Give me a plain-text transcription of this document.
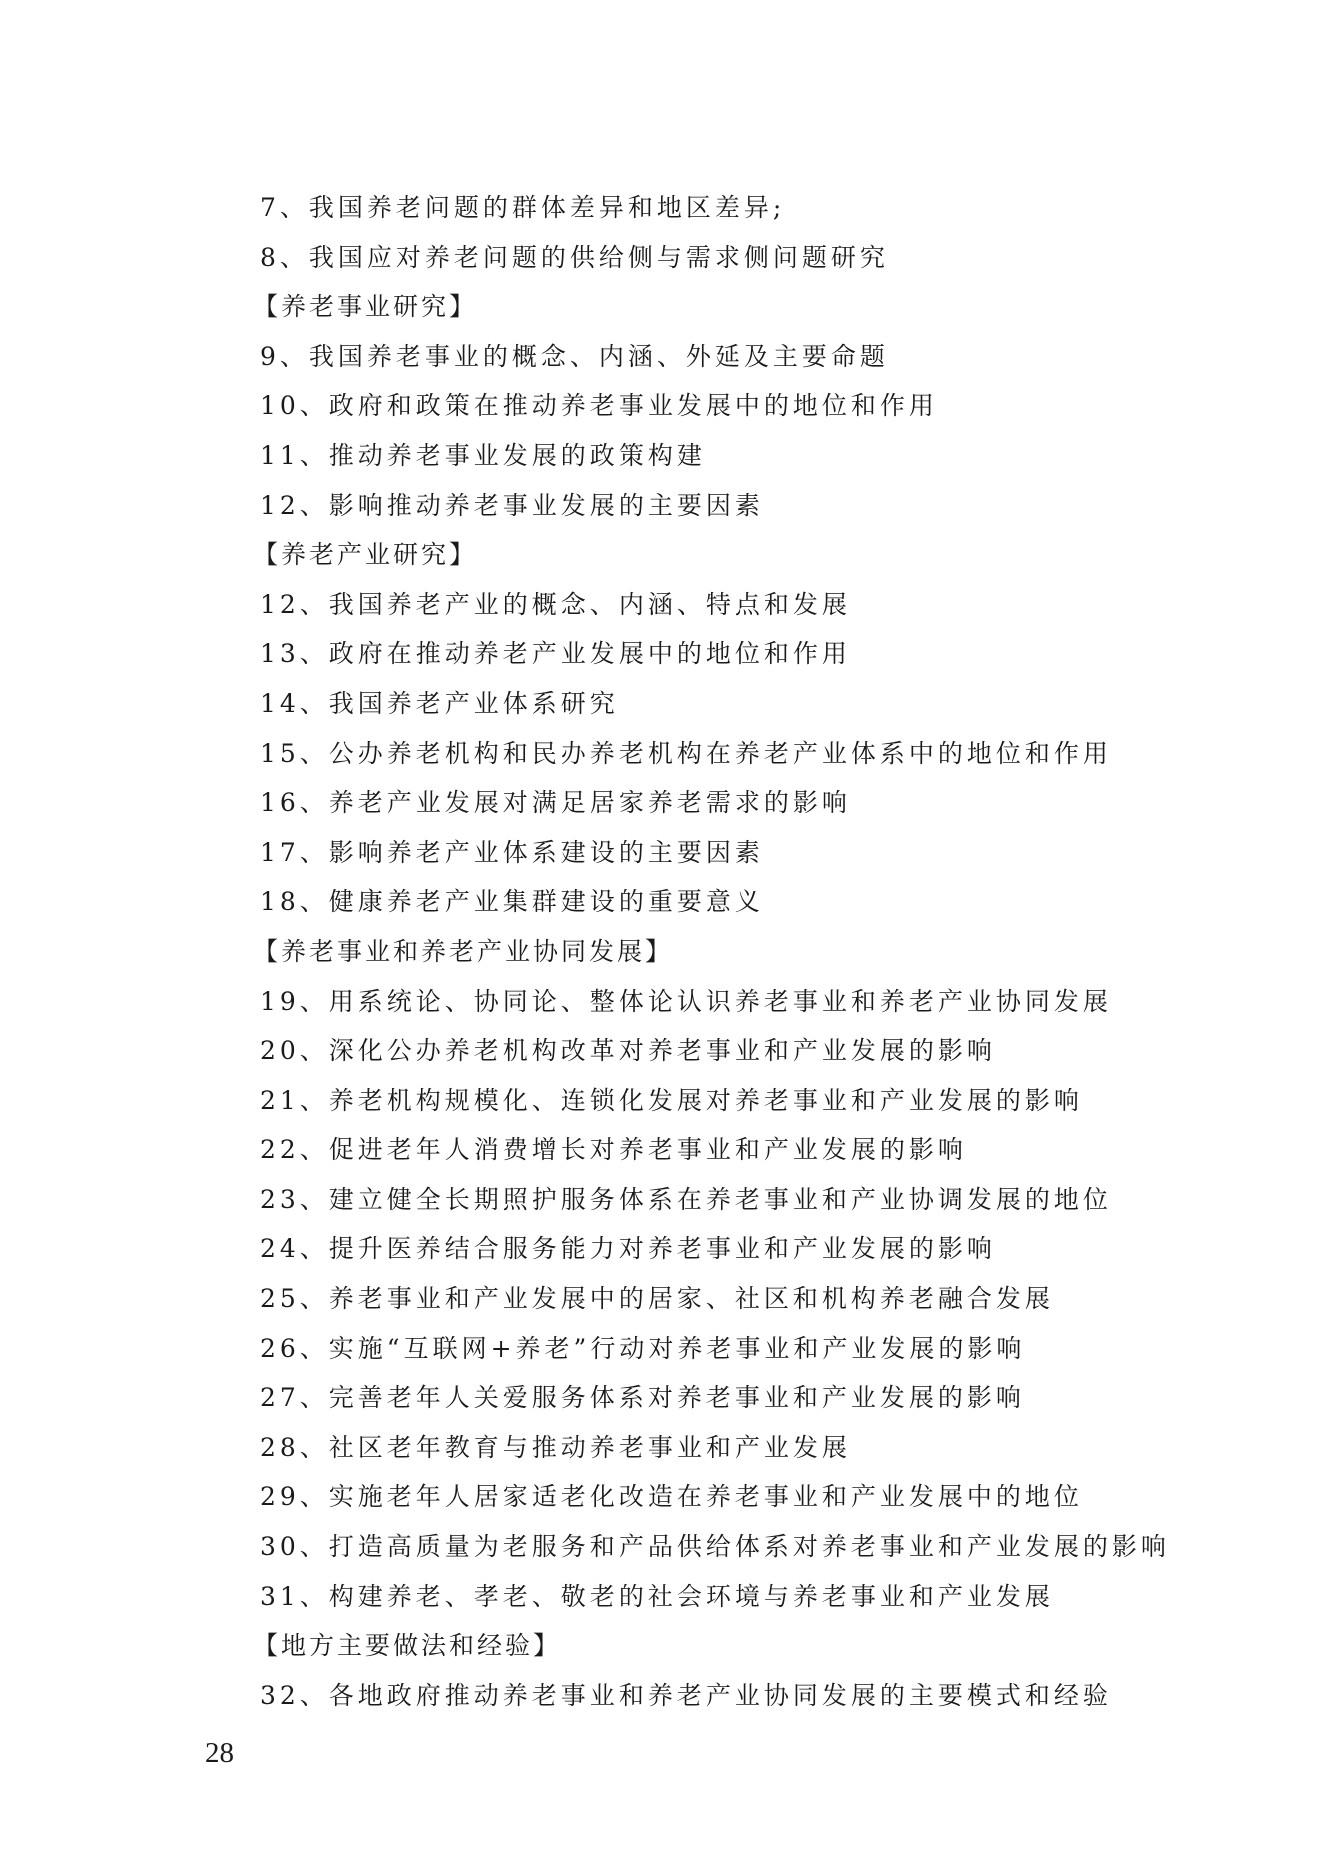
7、我国养老问题的群体差异和地区差异;
8、我国应对养老问题的供给侧与需求侧问题研究
【养老事业研究】
9、我国养老事业的概念、内涵、外延及主要命题
10、政府和政策在推动养老事业发展中的地位和作用
11、推动养老事业发展的政策构建
12、影响推动养老事业发展的主要因素
【养老产业研究】
12、我国养老产业的概念、内涵、特点和发展
13、政府在推动养老产业发展中的地位和作用
14、我国养老产业体系研究
15、公办养老机构和民办养老机构在养老产业体系中的地位和作用
16、养老产业发展对满足居家养老需求的影响
17、影响养老产业体系建设的主要因素
18、健康养老产业集群建设的重要意义
【养老事业和养老产业协同发展】
19、用系统论、协同论、整体论认识养老事业和养老产业协同发展
20、深化公办养老机构改革对养老事业和产业发展的影响
21、养老机构规模化、连锁化发展对养老事业和产业发展的影响
22、促进老年人消费增长对养老事业和产业发展的影响
23、建立健全长期照护服务体系在养老事业和产业协调发展的地位
24、提升医养结合服务能力对养老事业和产业发展的影响
25、养老事业和产业发展中的居家、社区和机构养老融合发展
26、实施“互联网+养老”行动对养老事业和产业发展的影响
27、完善老年人关爱服务体系对养老事业和产业发展的影响
28、社区老年教育与推动养老事业和产业发展
29、实施老年人居家适老化改造在养老事业和产业发展中的地位
30、打造高质量为老服务和产品供给体系对养老事业和产业发展的影响
31、构建养老、孝老、敬老的社会环境与养老事业和产业发展
【地方主要做法和经验】
32、各地政府推动养老事业和养老产业协同发展的主要模式和经验
28
